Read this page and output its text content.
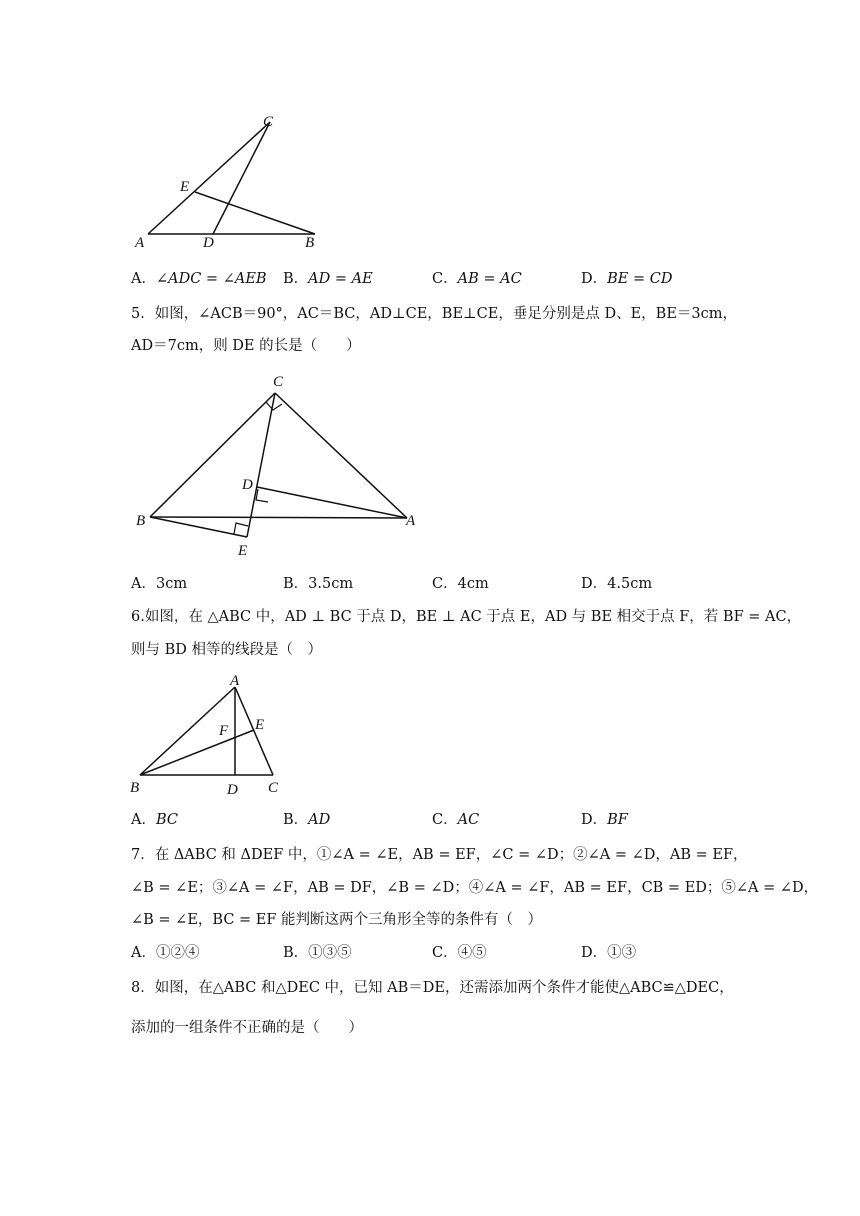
C
E
A	D	B
A．∠ADC = ∠AEB B．AD = AE	C．AB = AC	D．BE = CD
5．如图，∠ACB＝90°，AC＝BC，AD⊥CE，BE⊥CE，垂足分别是点 D、E，BE＝3cm，
AD＝7cm，则 DE 的长是（　　）
C
D
B	A
E
A．3cm	B．3.5cm	C．4cm	D．4.5cm
6.如图，在 △ABC 中，AD ⊥ BC 于点 D，BE ⊥ AC 于点 E，AD 与 BE 相交于点 F，若 BF = AC，
则与 BD 相等的线段是（　）
A
E
F
B	D C
A．BC	B．AD	C．AC	D．BF
7．在 ΔABC 和 ΔDEF 中，①∠A = ∠E，AB = EF，∠C = ∠D；②∠A = ∠D，AB = EF，
∠B = ∠E；③∠A = ∠F，AB = DF，∠B = ∠D；④∠A = ∠F，AB = EF，CB = ED；⑤∠A = ∠D，
∠B = ∠E，BC = EF 能判断这两个三角形全等的条件有（　）
A．①②④	B．①③⑤	C．④⑤	D．①③
8．如图，在△ABC 和△DEC 中，已知 AB＝DE，还需添加两个条件才能使△ABC≌△DEC，
添加的一组条件不正确的是（　　）
